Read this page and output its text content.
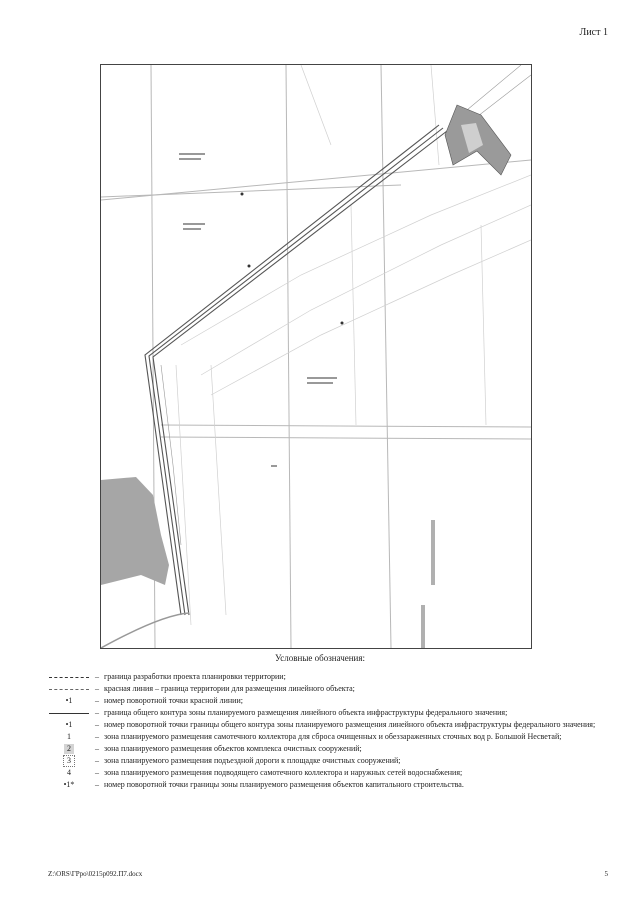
Лист 1
Условные обозначения:
– граница разработки проекта планировки территории;
– красная линия – граница территории для размещения линейного объекта;
•1	– номер поворотной точки красной линии;
– граница общего контура зоны планируемого размещения линейного объекта инфраструктуры федерального значения;
•1	– номер поворотной точки границы общего контура зоны планируемого размещения линейного объекта инфраструктуры федерального значения;
1	– зона планируемого размещения самотечного коллектора для сброса очищенных и обеззараженных сточных вод р. Большой Несветай;
2	– зона планируемого размещения объектов комплекса очистных сооружений;
3	– зона планируемого размещения подъездной дороги к площадке очистных сооружений;
4	– зона планируемого размещения подводящего самотечного коллектора и наружных сетей водоснабжения;
•1*	– номер поворотной точки границы зоны планируемого размещения объектов капитального строительства.
Z:\ORS\ГPpo\0215p092.П7.docx	5
